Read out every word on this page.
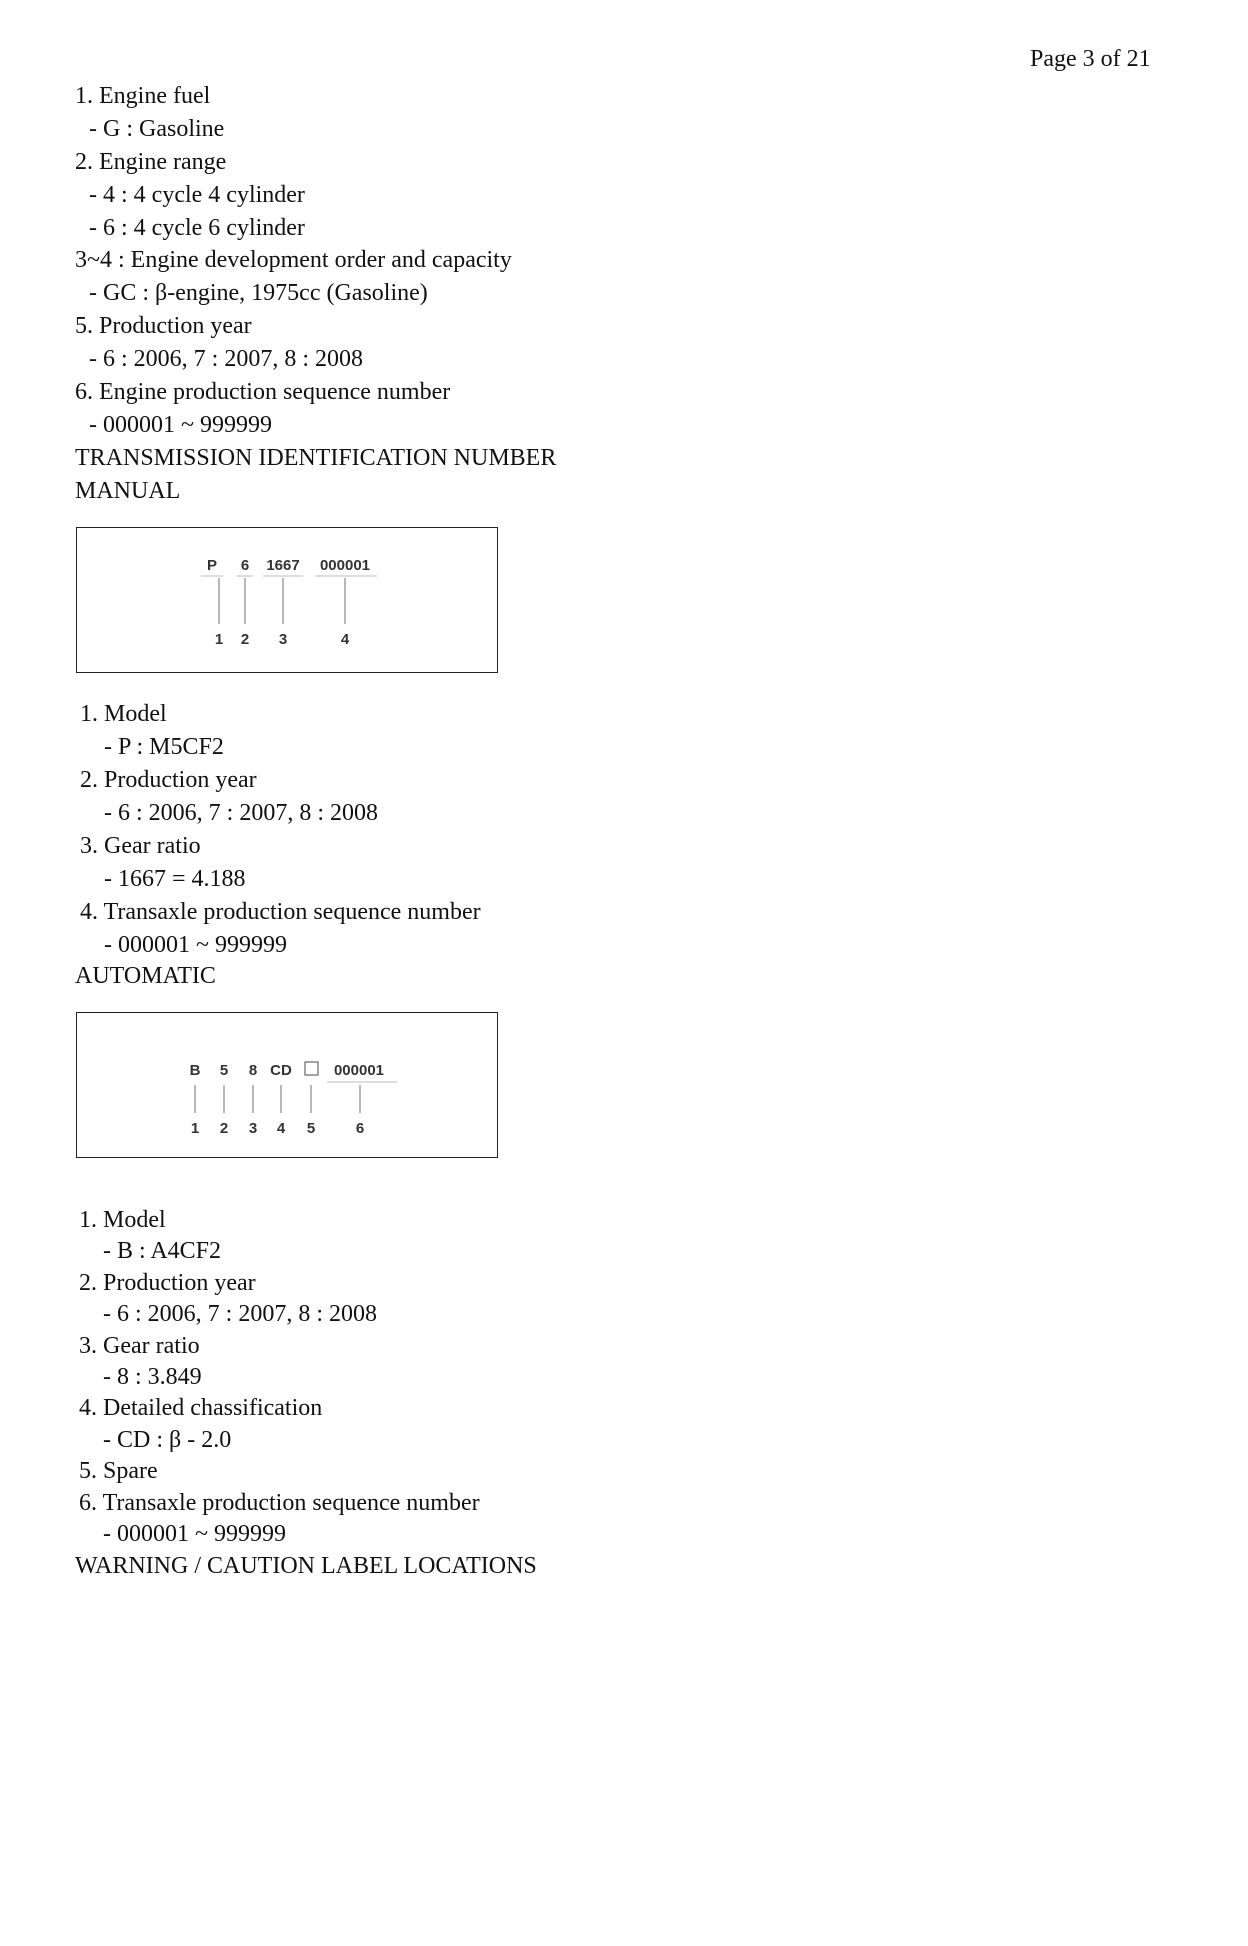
Page 3 of 21
1. Engine fuel
- G : Gasoline
2. Engine range
- 4 : 4 cycle 4 cylinder
- 6 : 4 cycle 6 cylinder
3~4 : Engine development order and capacity
- GC : β-engine, 1975cc (Gasoline)
5. Production year
- 6 : 2006, 7 : 2007, 8 : 2008
6. Engine production sequence number
- 000001 ~ 999999
TRANSMISSION IDENTIFICATION NUMBER
MANUAL
P 6 1667 000001
1 2 3	4
1. Model
- P : M5CF2
2. Production year
- 6 : 2006, 7 : 2007, 8 : 2008
3. Gear ratio
- 1667 = 4.188
4. Transaxle production sequence number
- 000001 ~ 999999
AUTOMATIC
B 5 8 CD	000001
1 2 3 4 5	6
1. Model
- B : A4CF2
2. Production year
- 6 : 2006, 7 : 2007, 8 : 2008
3. Gear ratio
- 8 : 3.849
4. Detailed chassification
- CD : β - 2.0
5. Spare
6. Transaxle production sequence number
- 000001 ~ 999999
WARNING / CAUTION LABEL LOCATIONS
